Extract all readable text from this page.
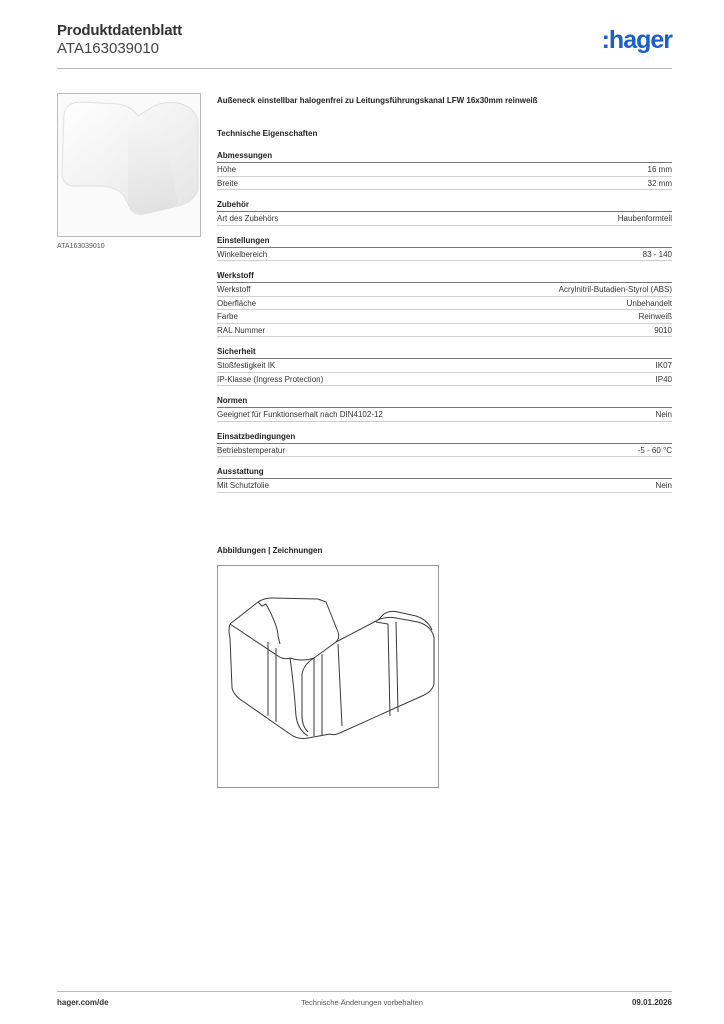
Produktdatenblatt
ATA163039010	:hager
ATA163039010
Außeneck einstellbar halogenfrei zu Leitungsführungskanal LFW 16x30mm reinweiß
Technische Eigenschaften
Abmessungen
Höhe	16 mm
Breite	32 mm
Zubehör
Art des Zubehörs	Haubenformteil
Einstellungen
Winkelbereich	83 - 140
Werkstoff
Werkstoff	Acrylnitril-Butadien-Styrol (ABS)
Oberfläche	Unbehandelt
Farbe	Reinweiß
RAL Nummer	9010
Sicherheit
Stoßfestigkeit IK	IK07
IP-Klasse (Ingress Protection)	IP40
Normen
Geeignet für Funktionserhalt nach DIN4102-12	Nein
Einsatzbedingungen
Betriebstemperatur	-5 - 60 °C
Ausstattung
Mit Schutzfolie	Nein
Abbildungen | Zeichnungen
hager.com/de	Technische Änderungen vorbehalten	09.01.2026
